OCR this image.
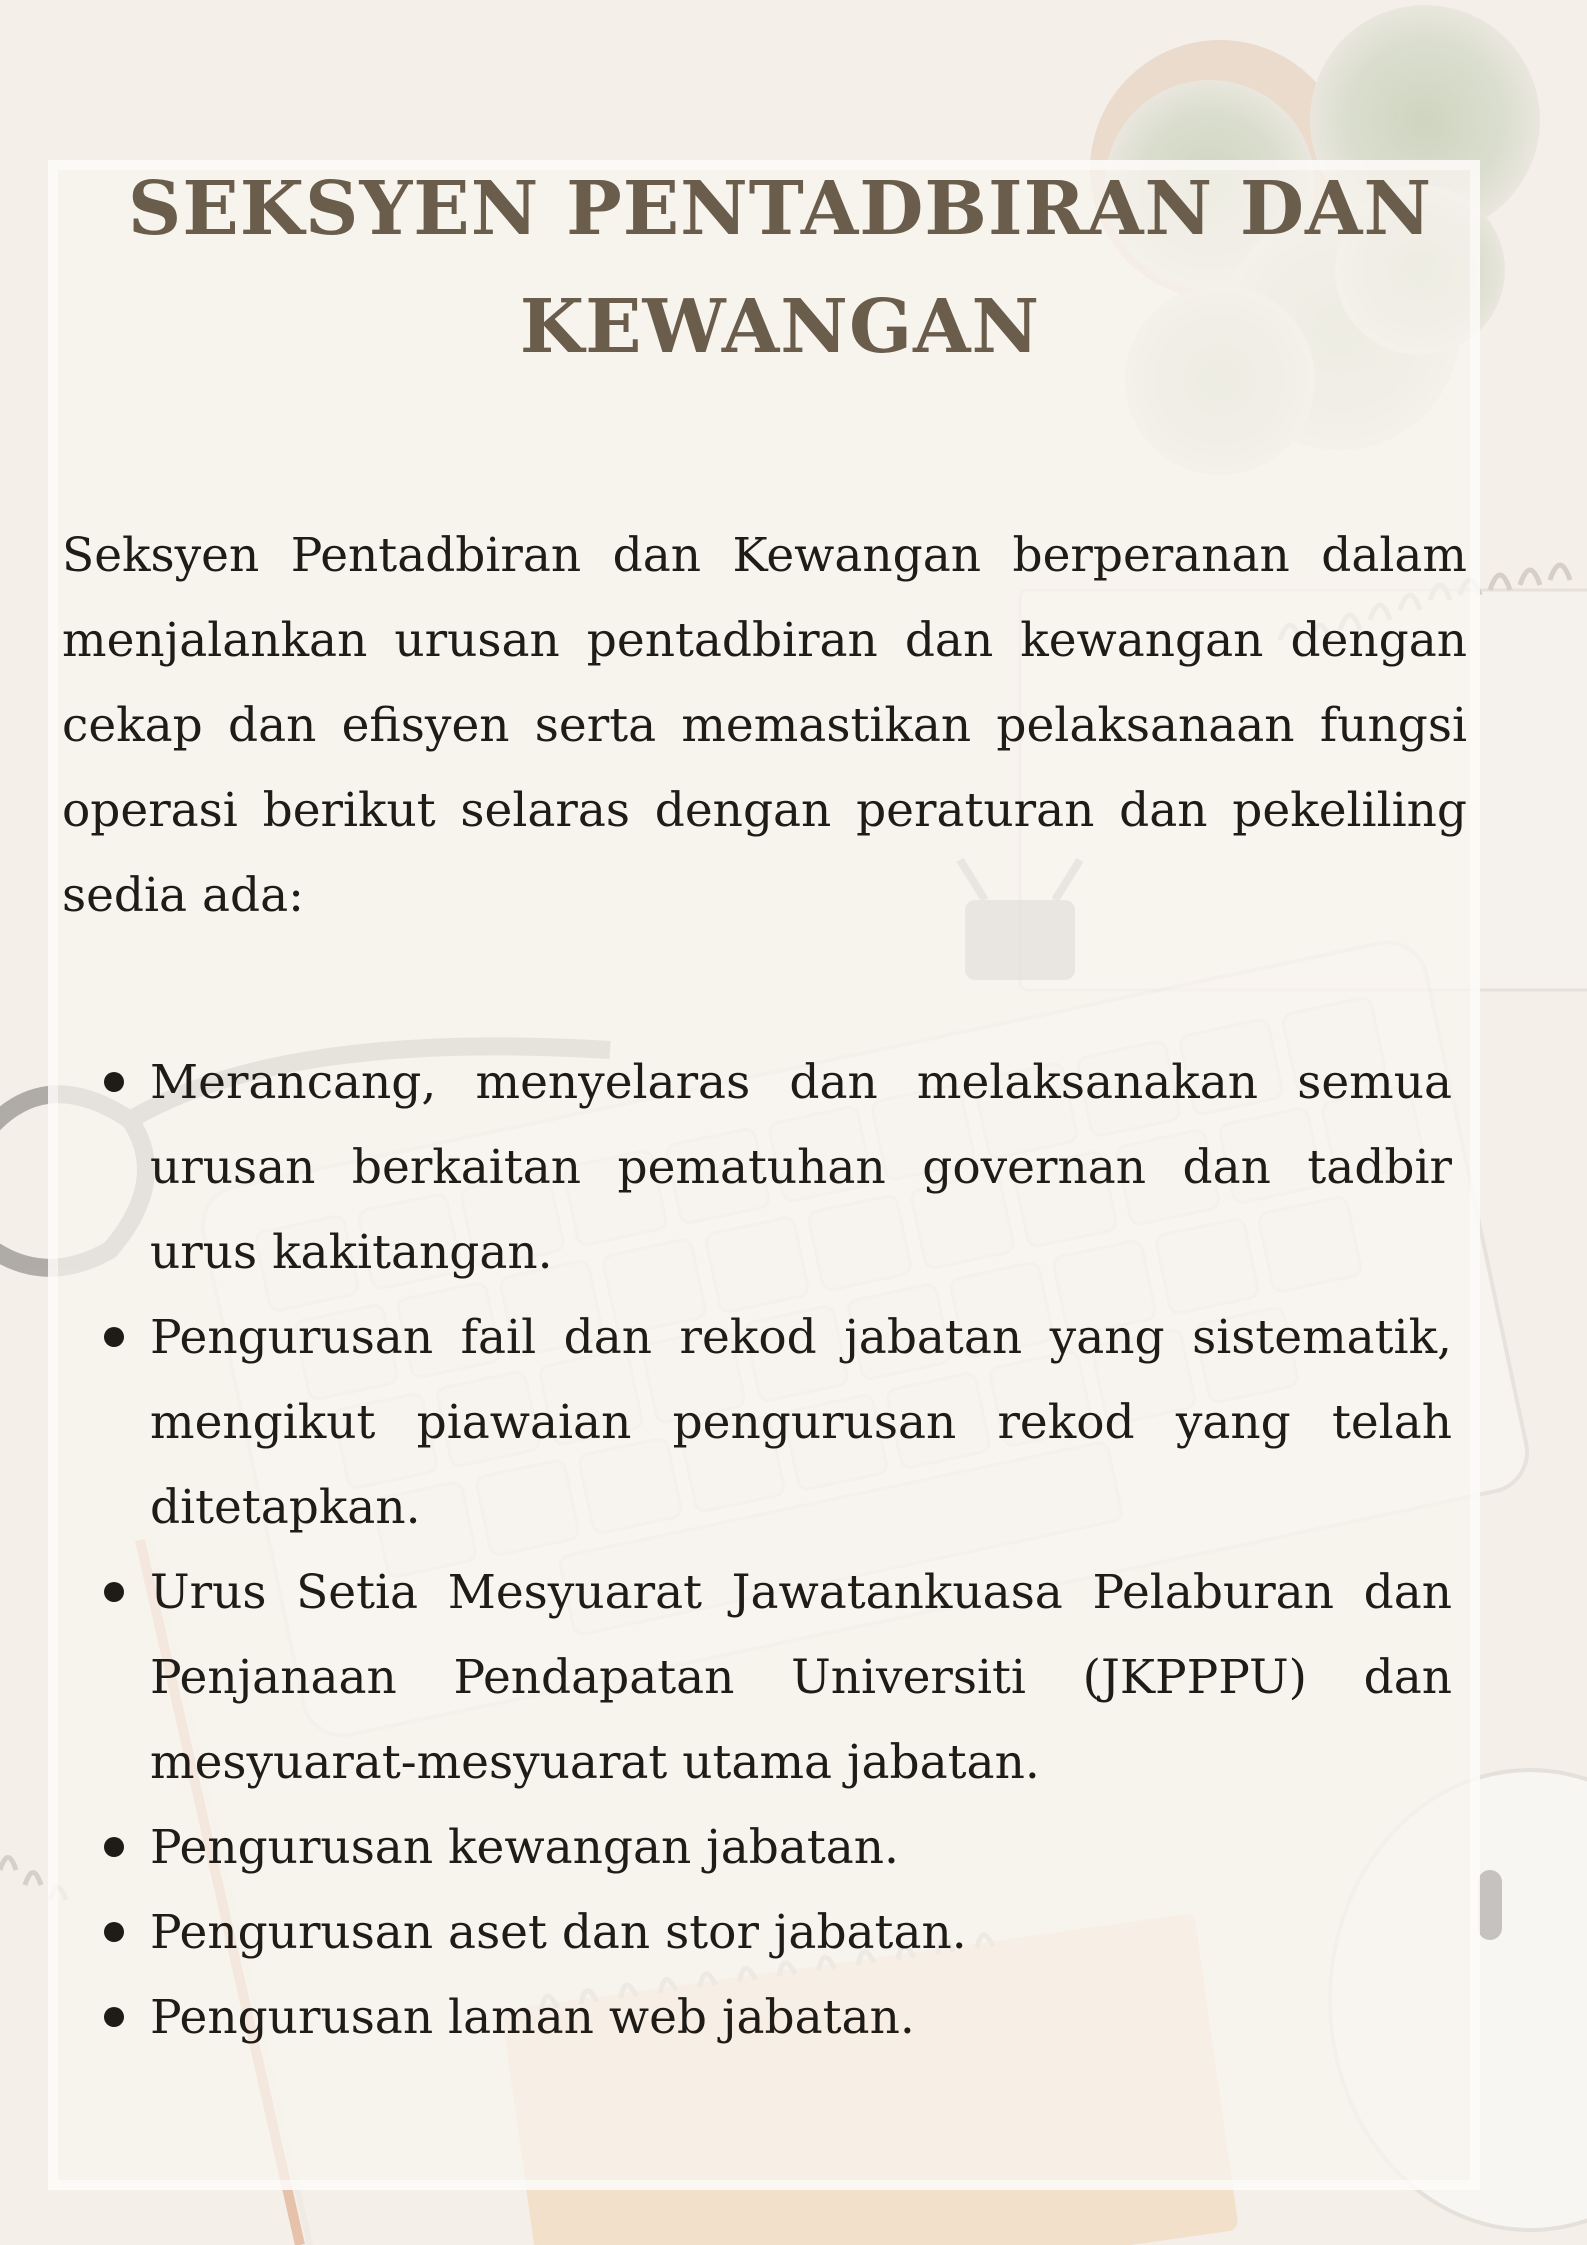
SEKSYEN PENTADBIRAN DAN KEWANGAN

Seksyen Pentadbiran dan Kewangan berperanan dalam menjalankan urusan pentadbiran dan kewangan dengan cekap dan efisyen serta memastikan pelaksanaan fungsi operasi berikut selaras dengan peraturan dan pekeliling sedia ada:

Merancang, menyelaras dan melaksanakan semua urusan berkaitan pematuhan governan dan tadbir urus kakitangan.
Pengurusan fail dan rekod jabatan yang sistematik, mengikut piawaian pengurusan rekod yang telah ditetapkan.
Urus Setia Mesyuarat Jawatankuasa Pelaburan dan Penjanaan Pendapatan Universiti (JKPPPU) dan mesyuarat-mesyuarat utama jabatan.
Pengurusan kewangan jabatan.
Pengurusan aset dan stor jabatan.
Pengurusan laman web jabatan.
